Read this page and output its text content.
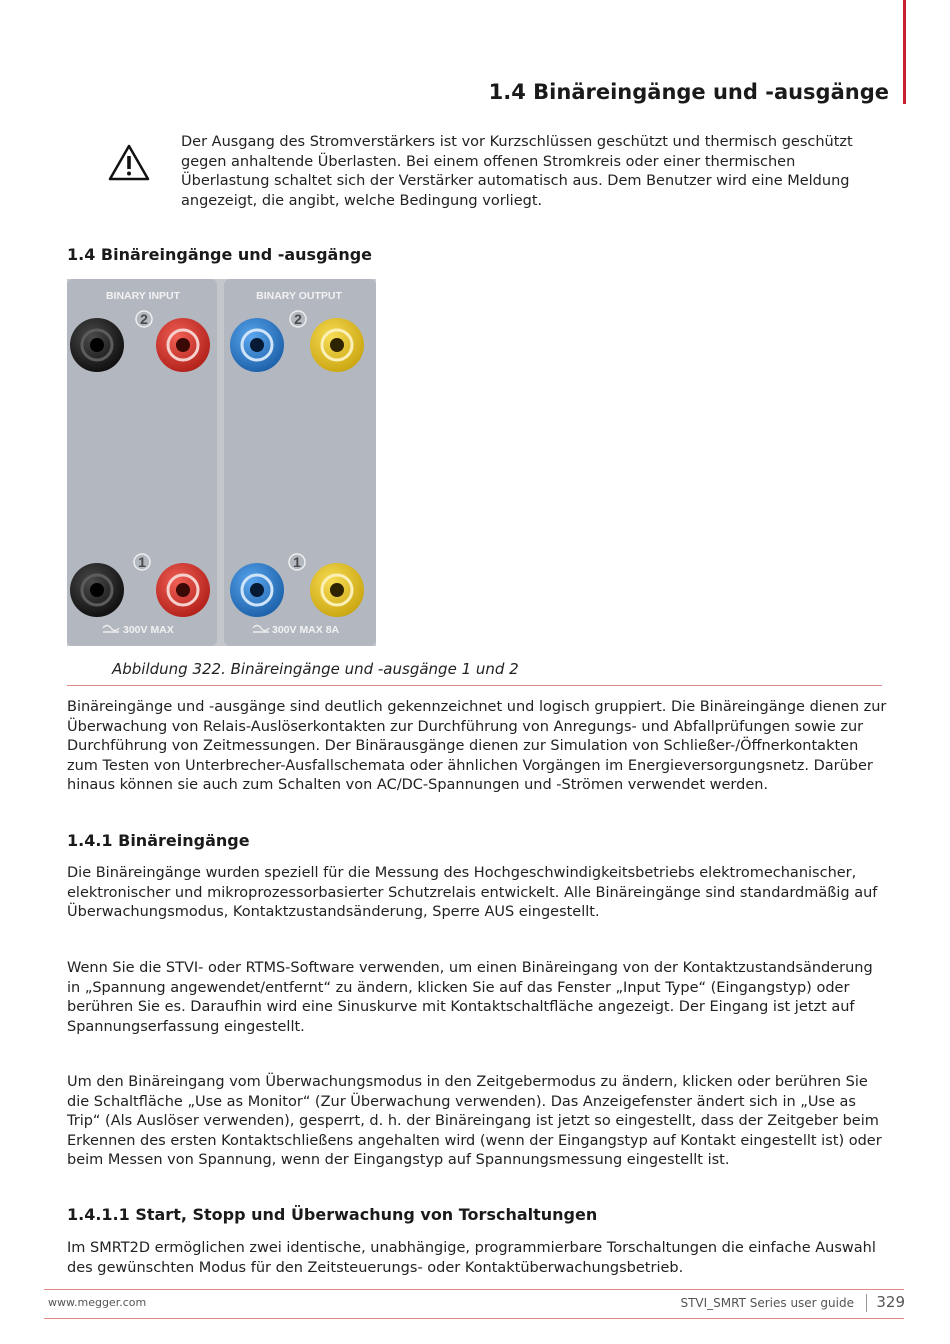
1.4 Binäreingänge und -ausgänge
Der Ausgang des Stromverstärkers ist vor Kurzschlüssen geschützt und thermisch geschützt gegen anhaltende Überlasten. Bei einem offenen Stromkreis oder einer thermischen Überlastung schaltet sich der Verstärker automatisch aus. Dem Benutzer wird eine Meldung angezeigt, die angibt, welche Bedingung vorliegt.
1.4 Binäreingänge und -ausgänge
BINARY INPUT	BINARY OUTPUT
2	2
1	1
300V MAX	300V MAX 8A
Abbildung 322. Binäreingänge und -ausgänge 1 und 2

Binäreingänge und -ausgänge sind deutlich gekennzeichnet und logisch gruppiert. Die Binäreingänge dienen zur Überwachung von Relais-Auslöserkontakten zur Durchführung von Anregungs- und Abfallprüfungen sowie zur Durchführung von Zeitmessungen. Der Binärausgänge dienen zur Simulation von Schließer-/Öffnerkontakten zum Testen von Unterbrecher-Ausfallschemata oder ähnlichen Vorgängen im Energieversorgungsnetz. Darüber hinaus können sie auch zum Schalten von AC/DC-Spannungen und -Strömen verwendet werden.

1.4.1 Binäreingänge

Die Binäreingänge wurden speziell für die Messung des Hochgeschwindigkeitsbetriebs elektromechanischer, elektronischer und mikroprozessorbasierter Schutzrelais entwickelt. Alle Binäreingänge sind standardmäßig auf Überwachungsmodus, Kontaktzustandsänderung, Sperre AUS eingestellt.

Wenn Sie die STVI- oder RTMS-Software verwenden, um einen Binäreingang von der Kontaktzustandsänderung in „Spannung angewendet/entfernt“ zu ändern, klicken Sie auf das Fenster „Input Type“ (Eingangstyp) oder berühren Sie es. Daraufhin wird eine Sinuskurve mit Kontaktschaltfläche angezeigt. Der Eingang ist jetzt auf Spannungserfassung eingestellt.

Um den Binäreingang vom Überwachungsmodus in den Zeitgebermodus zu ändern, klicken oder berühren Sie die Schaltfläche „Use as Monitor“ (Zur Überwachung verwenden). Das Anzeigefenster ändert sich in „Use as Trip“ (Als Auslöser verwenden), gesperrt, d. h. der Binäreingang ist jetzt so eingestellt, dass der Zeitgeber beim Erkennen des ersten Kontaktschließens angehalten wird (wenn der Eingangstyp auf Kontakt eingestellt ist) oder beim Messen von Spannung, wenn der Eingangstyp auf Spannungsmessung eingestellt ist.

1.4.1.1 Start, Stopp und Überwachung von Torschaltungen

Im SMRT2D ermöglichen zwei identische, unabhängige, programmierbare Torschaltungen die einfache Auswahl des gewünschten Modus für den Zeitsteuerungs- oder Kontaktüberwachungsbetrieb.

www.megger.com	STVI_SMRT Series user guide 329
